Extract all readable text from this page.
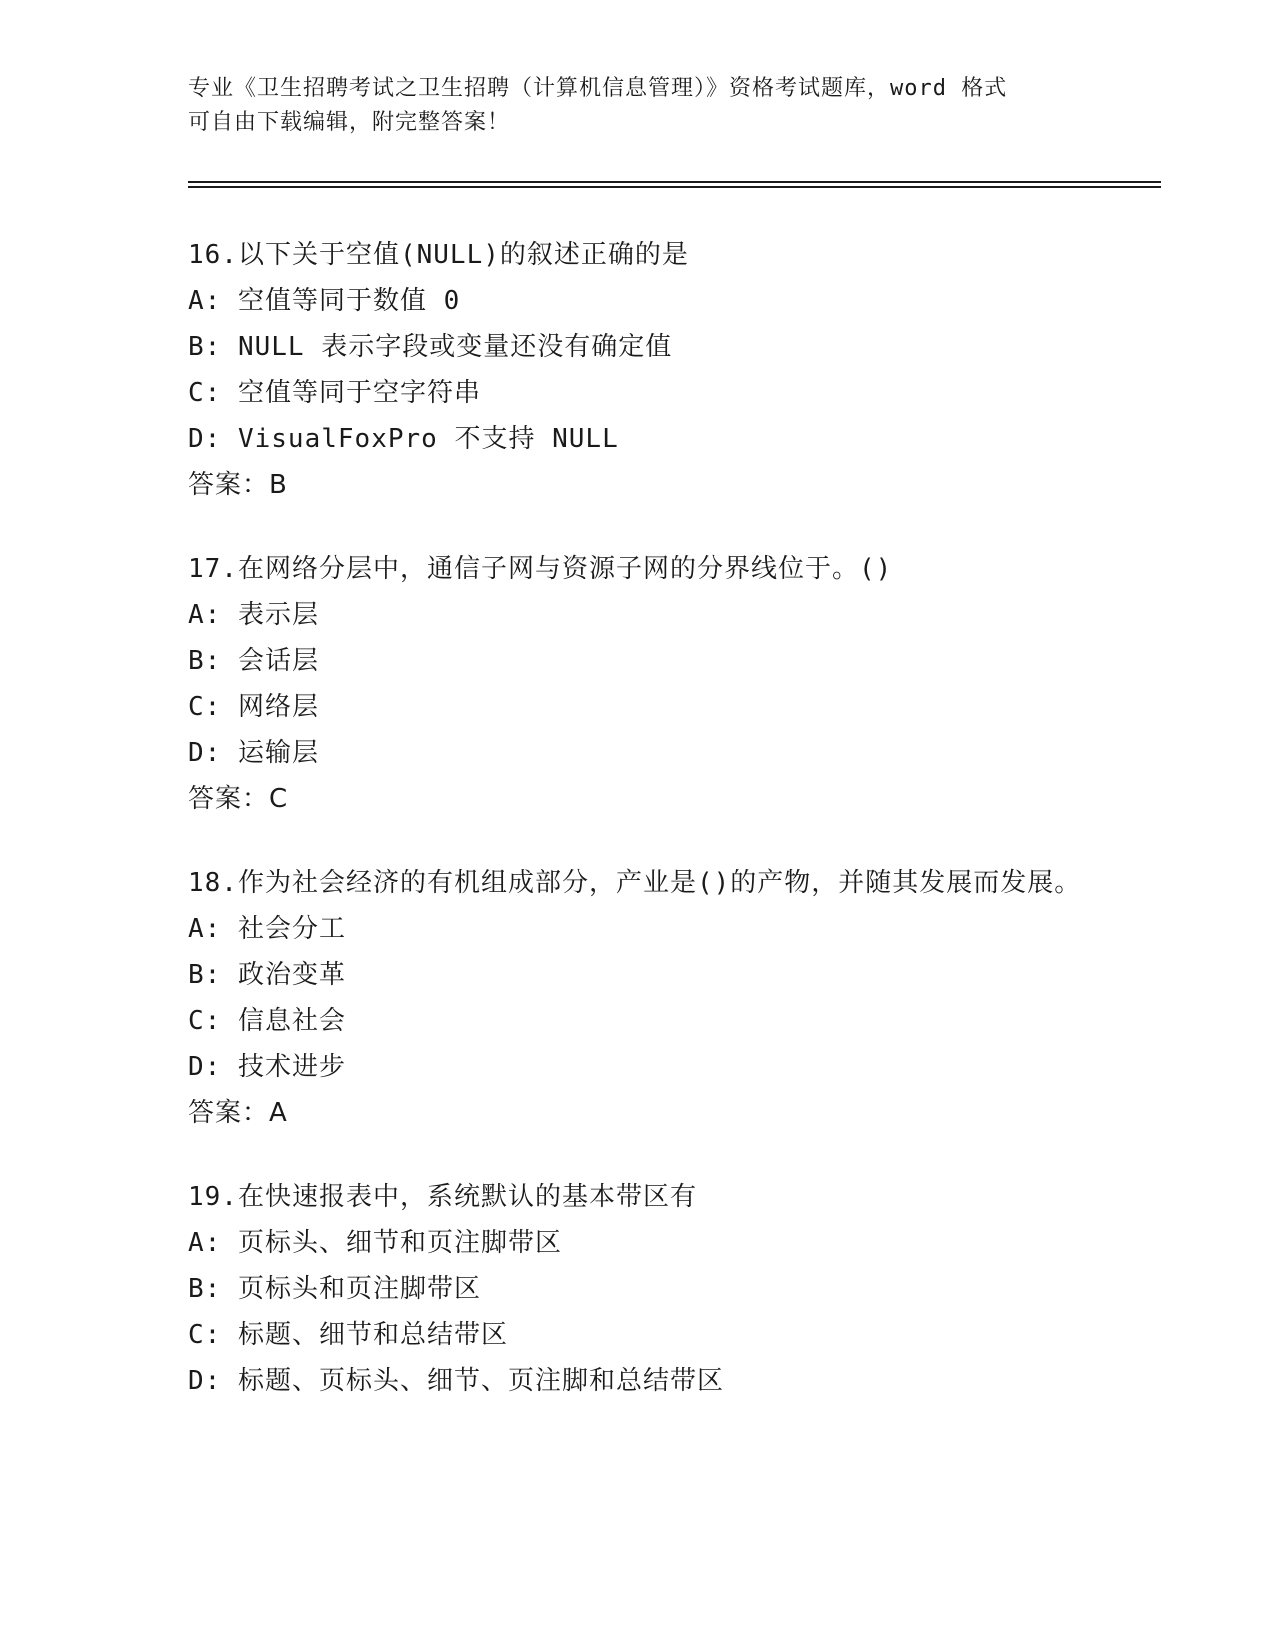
专业《卫生招聘考试之卫生招聘（计算机信息管理）》资格考试题库，word 格式
可自由下载编辑，附完整答案！
16.以下关于空值(NULL)的叙述正确的是
A: 空值等同于数值 0
B: NULL 表示字段或变量还没有确定值
C: 空值等同于空字符串
D: VisualFoxPro 不支持 NULL
答案：B
17.在网络分层中，通信子网与资源子网的分界线位于。()
A: 表示层
B: 会话层
C: 网络层
D: 运输层
答案：C
18.作为社会经济的有机组成部分，产业是()的产物，并随其发展而发展。
A: 社会分工
B: 政治变革
C: 信息社会
D: 技术进步
答案：A
19.在快速报表中，系统默认的基本带区有
A: 页标头、细节和页注脚带区
B: 页标头和页注脚带区
C: 标题、细节和总结带区
D: 标题、页标头、细节、页注脚和总结带区
